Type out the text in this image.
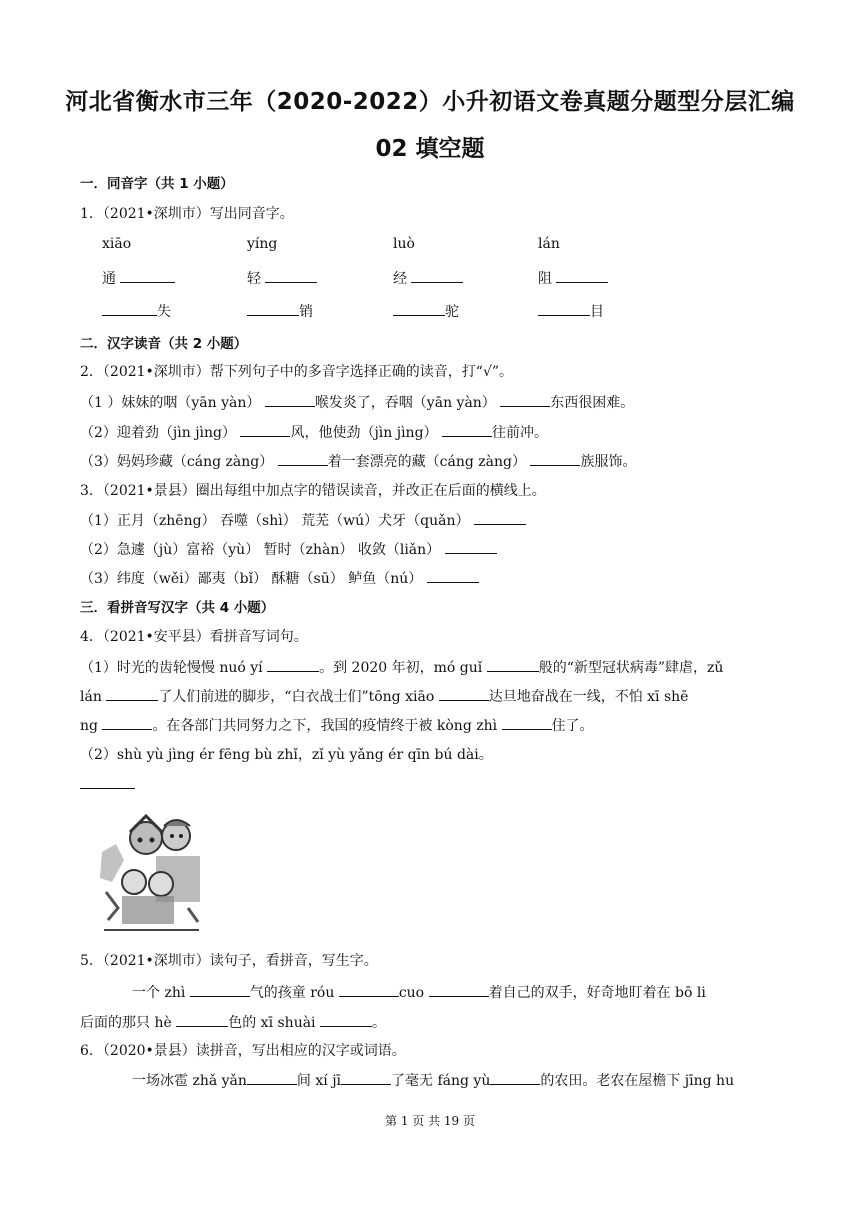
河北省衡水市三年（2020-2022）小升初语文卷真题分题型分层汇编
02 填空题
一．同音字（共 1 小题）
1．（2021•深圳市）写出同音字。
xiāo	yíng	luò	lán
通	轻	经	阻
失	销	驼	目
二．汉字读音（共 2 小题）
2．（2021•深圳市）帮下列句子中的多音字选择正确的读音，打“√”。
（1 ）妹妹的咽（yān yàn）	喉发炎了，吞咽（yān yàn）	东西很困难。
（2）迎着劲（jìn jìng）	风，他使劲（jìn jìng）	往前冲。
（3）妈妈珍藏（cáng zàng）	着一套漂亮的藏（cáng zàng）	族服饰。
3．（2021•景县）圈出每组中加点字的错误读音，并改正在后面的横线上。
（1）正月（zhēng） 吞噬（shì） 荒芜（wú）犬牙（quǎn）
（2）急遽（jù）富裕（yù） 暂时（zhàn） 收敛（liǎn）
（3）纬度（wěi）鄙夷（bǐ） 酥糖（sū） 鲈鱼（nú）
三．看拼音写汉字（共 4 小题）
4．（2021•安平县）看拼音写词句。
（1）时光的齿轮慢慢 nuó yí	。到 2020 年初，mó guǐ	般的“新型冠状病毒”肆虐，zǔ
lán	了人们前进的脚步，“白衣战士们”tōng xiāo	达旦地奋战在一线，不怕 xī shē
ng	。在各部门共同努力之下，我国的疫情终于被 kòng zhì	住了。
（2）shù yù jìng ér fēng bù zhǐ，zǐ yù yǎng ér qīn bú dài。
5．（2021•深圳市）读句子，看拼音，写生字。
一个 zhì	气的孩童 róu	cuo	着自己的双手，好奇地盯着在 bō li
后面的那只 hè	色的 xī shuài	。
6．（2020•景县）读拼音，写出相应的汉字或词语。
一场冰雹 zhǎ yǎn	间 xí jī	了毫无 fáng yù	的农田。老农在屋檐下 jīng hu
第 1 页 共 19 页
